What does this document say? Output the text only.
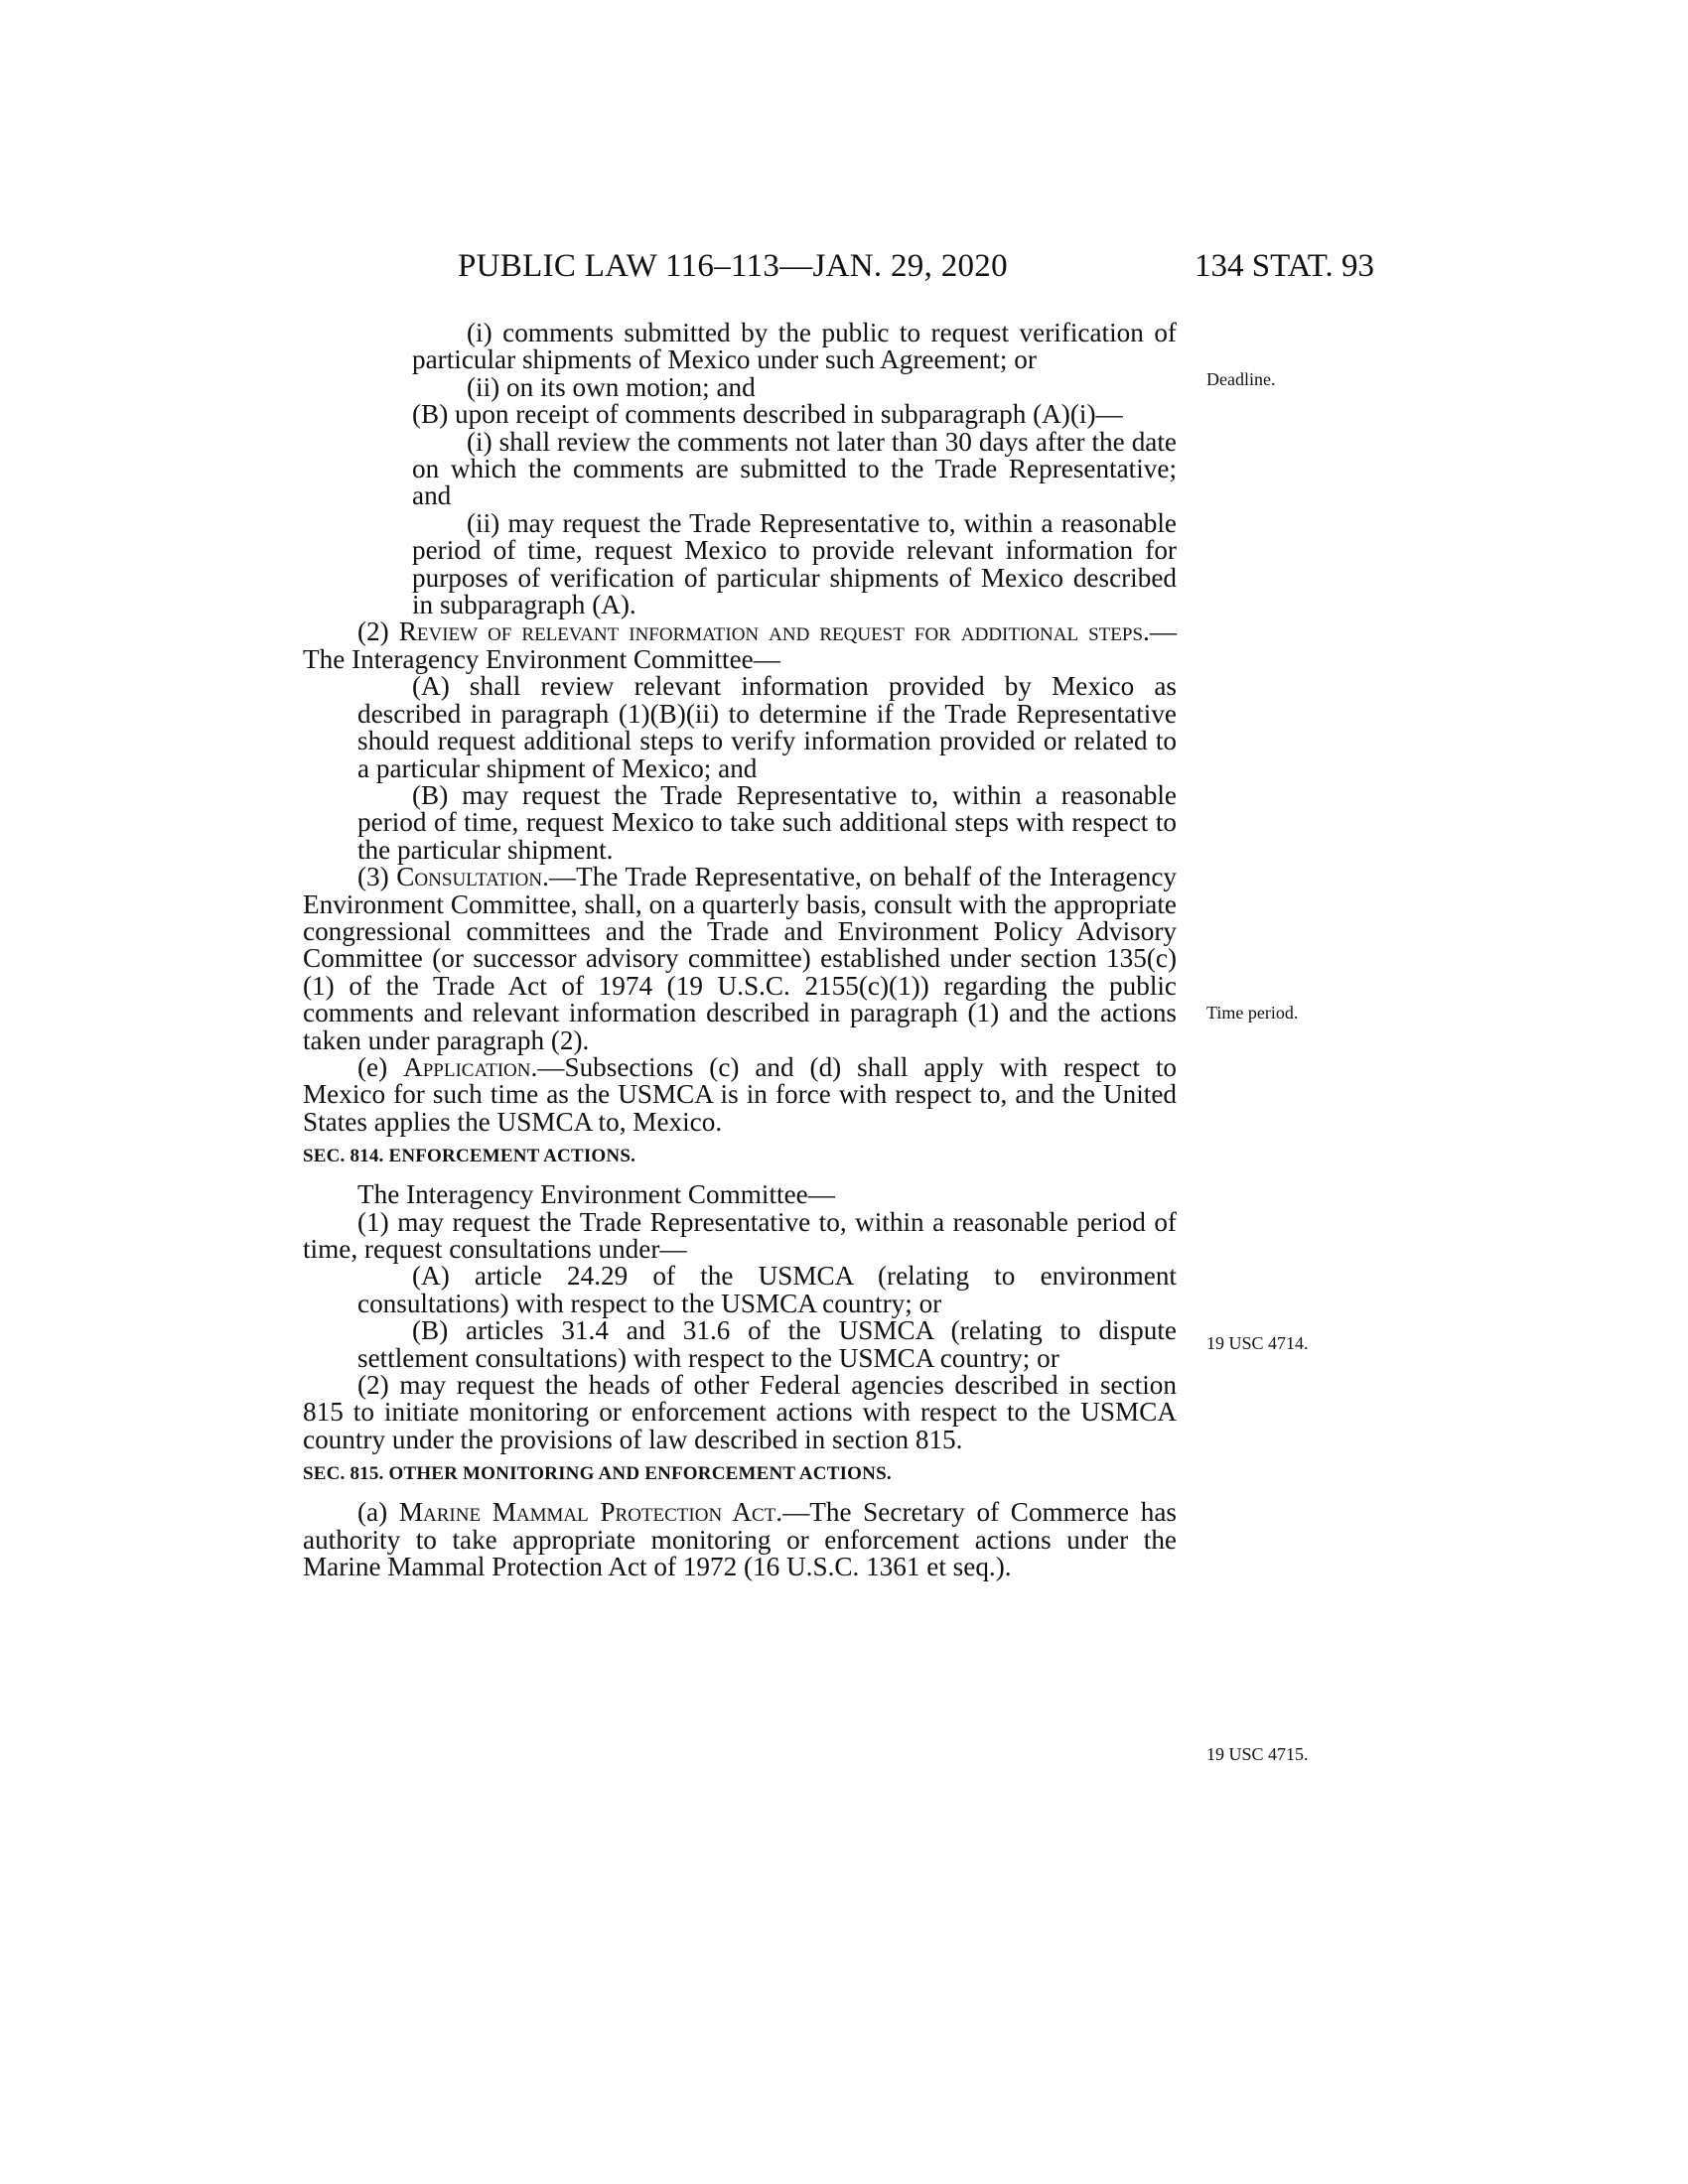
PUBLIC LAW 116–113—JAN. 29, 2020	134 STAT. 93
Deadline.
Time period.
19 USC 4714.
19 USC 4715.

(i) comments submitted by the public to request verification of particular shipments of Mexico under such Agreement; or

(ii) on its own motion; and

(B) upon receipt of comments described in subparagraph (A)(i)—

(i) shall review the comments not later than 30 days after the date on which the comments are submitted to the Trade Representative; and

(ii) may request the Trade Representative to, within a reasonable period of time, request Mexico to provide relevant information for purposes of verification of particular shipments of Mexico described in subparagraph (A).

(2) Review of relevant information and request for additional steps.—The Interagency Environment Committee—

(A) shall review relevant information provided by Mexico as described in paragraph (1)(B)(ii) to determine if the Trade Representative should request additional steps to verify information provided or related to a particular shipment of Mexico; and

(B) may request the Trade Representative to, within a reasonable period of time, request Mexico to take such additional steps with respect to the particular shipment.

(3) Consultation.—The Trade Representative, on behalf of the Interagency Environment Committee, shall, on a quarterly basis, consult with the appropriate congressional committees and the Trade and Environment Policy Advisory Committee (or successor advisory committee) established under section 135(c)(1) of the Trade Act of 1974 (19 U.S.C. 2155(c)(1)) regarding the public comments and relevant information described in paragraph (1) and the actions taken under paragraph (2).

(e) Application.—Subsections (c) and (d) shall apply with respect to Mexico for such time as the USMCA is in force with respect to, and the United States applies the USMCA to, Mexico.

SEC. 814. ENFORCEMENT ACTIONS.

The Interagency Environment Committee—

(1) may request the Trade Representative to, within a reasonable period of time, request consultations under—

(A) article 24.29 of the USMCA (relating to environment consultations) with respect to the USMCA country; or

(B) articles 31.4 and 31.6 of the USMCA (relating to dispute settlement consultations) with respect to the USMCA country; or

(2) may request the heads of other Federal agencies described in section 815 to initiate monitoring or enforcement actions with respect to the USMCA country under the provisions of law described in section 815.

SEC. 815. OTHER MONITORING AND ENFORCEMENT ACTIONS.

(a) Marine Mammal Protection Act.—The Secretary of Commerce has authority to take appropriate monitoring or enforcement actions under the Marine Mammal Protection Act of 1972 (16 U.S.C. 1361 et seq.).
